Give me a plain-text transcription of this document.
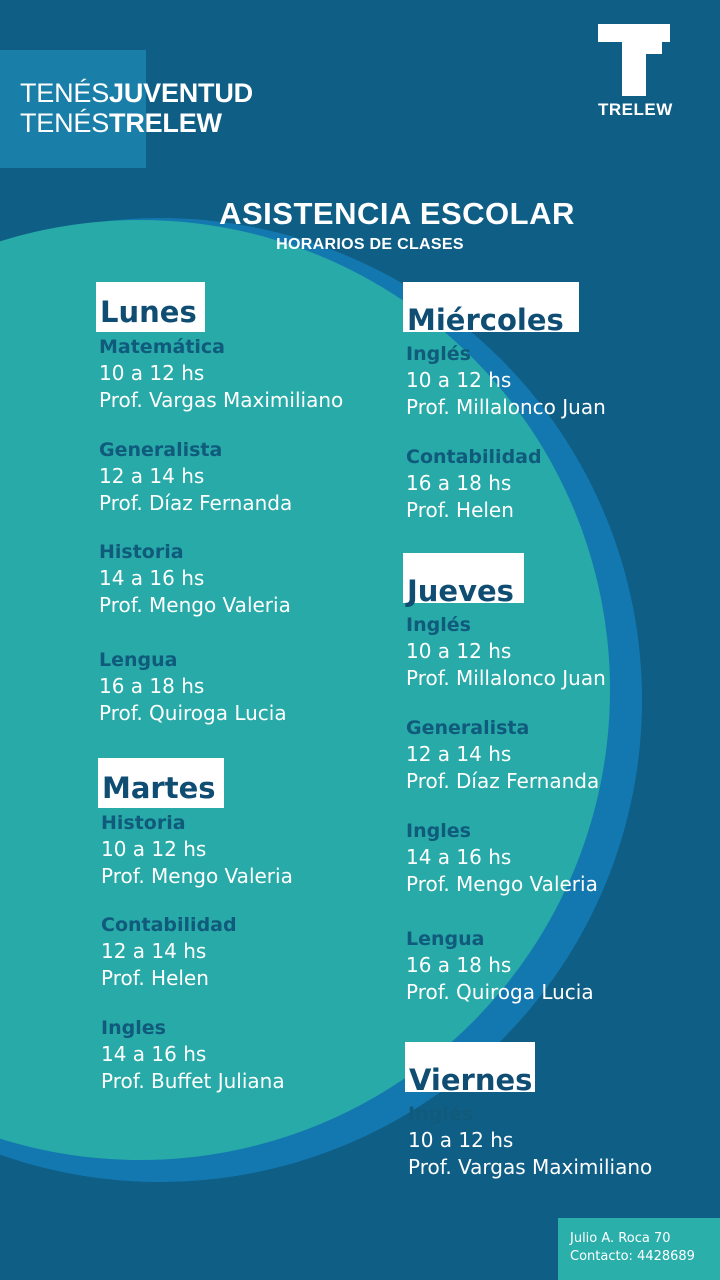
TENÉSJUVENTUD
TENÉSTRELEW	TRELEW
ASISTENCIA ESCOLAR
HORARIOS DE CLASES
Lunes
Matemática
10 a 12 hs
Prof. Vargas Maximiliano
Generalista
12 a 14 hs
Prof. Díaz Fernanda
Historia
14 a 16 hs
Prof. Mengo Valeria
Lengua
16 a 18 hs
Prof. Quiroga Lucia
Martes
Historia
10 a 12 hs
Prof. Mengo Valeria
Contabilidad
12 a 14 hs
Prof. Helen
Ingles
14 a 16 hs
Prof. Buffet Juliana
Miércoles
Inglés
10 a 12 hs
Prof. Millalonco Juan
Contabilidad
16 a 18 hs
Prof. Helen
Jueves
Inglés
10 a 12 hs
Prof. Millalonco Juan
Generalista
12 a 14 hs
Prof. Díaz Fernanda
Ingles
14 a 16 hs
Prof. Mengo Valeria
Lengua
16 a 18 hs
Prof. Quiroga Lucia
Viernes
Inglés
10 a 12 hs
Prof. Vargas Maximiliano
Julio A. Roca 70
Contacto: 4428689
